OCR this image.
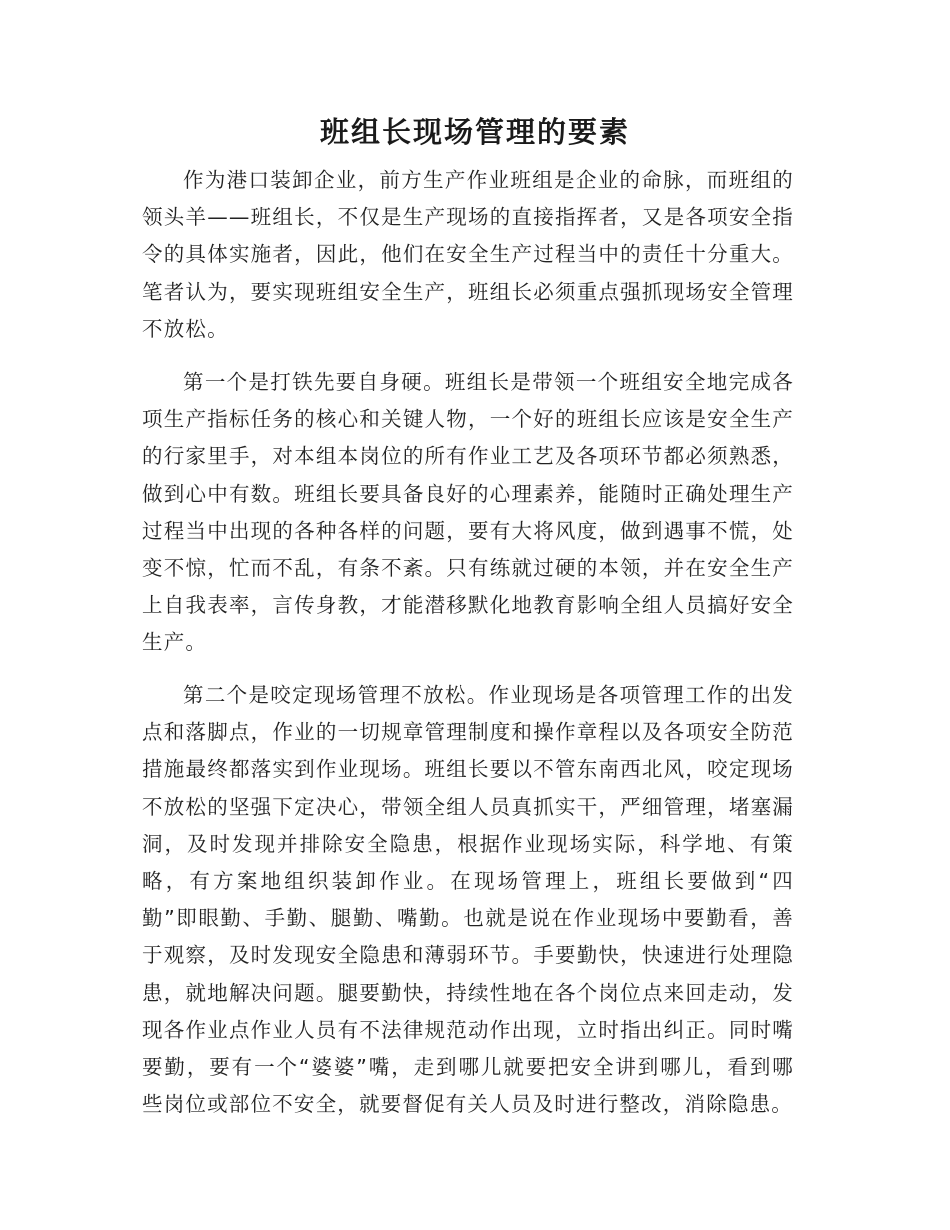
班组长现场管理的要素

作为港口装卸企业，前方生产作业班组是企业的命脉，而班组的领头羊——班组长，不仅是生产现场的直接指挥者，又是各项安全指令的具体实施者，因此，他们在安全生产过程当中的责任十分重大。笔者认为，要实现班组安全生产，班组长必须重点强抓现场安全管理不放松。

第一个是打铁先要自身硬。班组长是带领一个班组安全地完成各项生产指标任务的核心和关键人物，一个好的班组长应该是安全生产的行家里手，对本组本岗位的所有作业工艺及各项环节都必须熟悉，做到心中有数。班组长要具备良好的心理素养，能随时正确处理生产过程当中出现的各种各样的问题，要有大将风度，做到遇事不慌，处变不惊，忙而不乱，有条不紊。只有练就过硬的本领，并在安全生产上自我表率，言传身教，才能潜移默化地教育影响全组人员搞好安全生产。

第二个是咬定现场管理不放松。作业现场是各项管理工作的出发点和落脚点，作业的一切规章管理制度和操作章程以及各项安全防范措施最终都落实到作业现场。班组长要以不管东南西北风，咬定现场不放松的坚强下定决心，带领全组人员真抓实干，严细管理，堵塞漏洞，及时发现并排除安全隐患，根据作业现场实际，科学地、有策略，有方案地组织装卸作业。在现场管理上，班组长要做到“四勤”即眼勤、手勤、腿勤、嘴勤。也就是说在作业现场中要勤看，善于观察，及时发现安全隐患和薄弱环节。手要勤快，快速进行处理隐患，就地解决问题。腿要勤快，持续性地在各个岗位点来回走动，发现各作业点作业人员有不法律规范动作出现，立时指出纠正。同时嘴要勤，要有一个“婆婆”嘴，走到哪儿就要把安全讲到哪儿，看到哪些岗位或部位不安全，就要督促有关人员及时进行整改，消除隐患。
